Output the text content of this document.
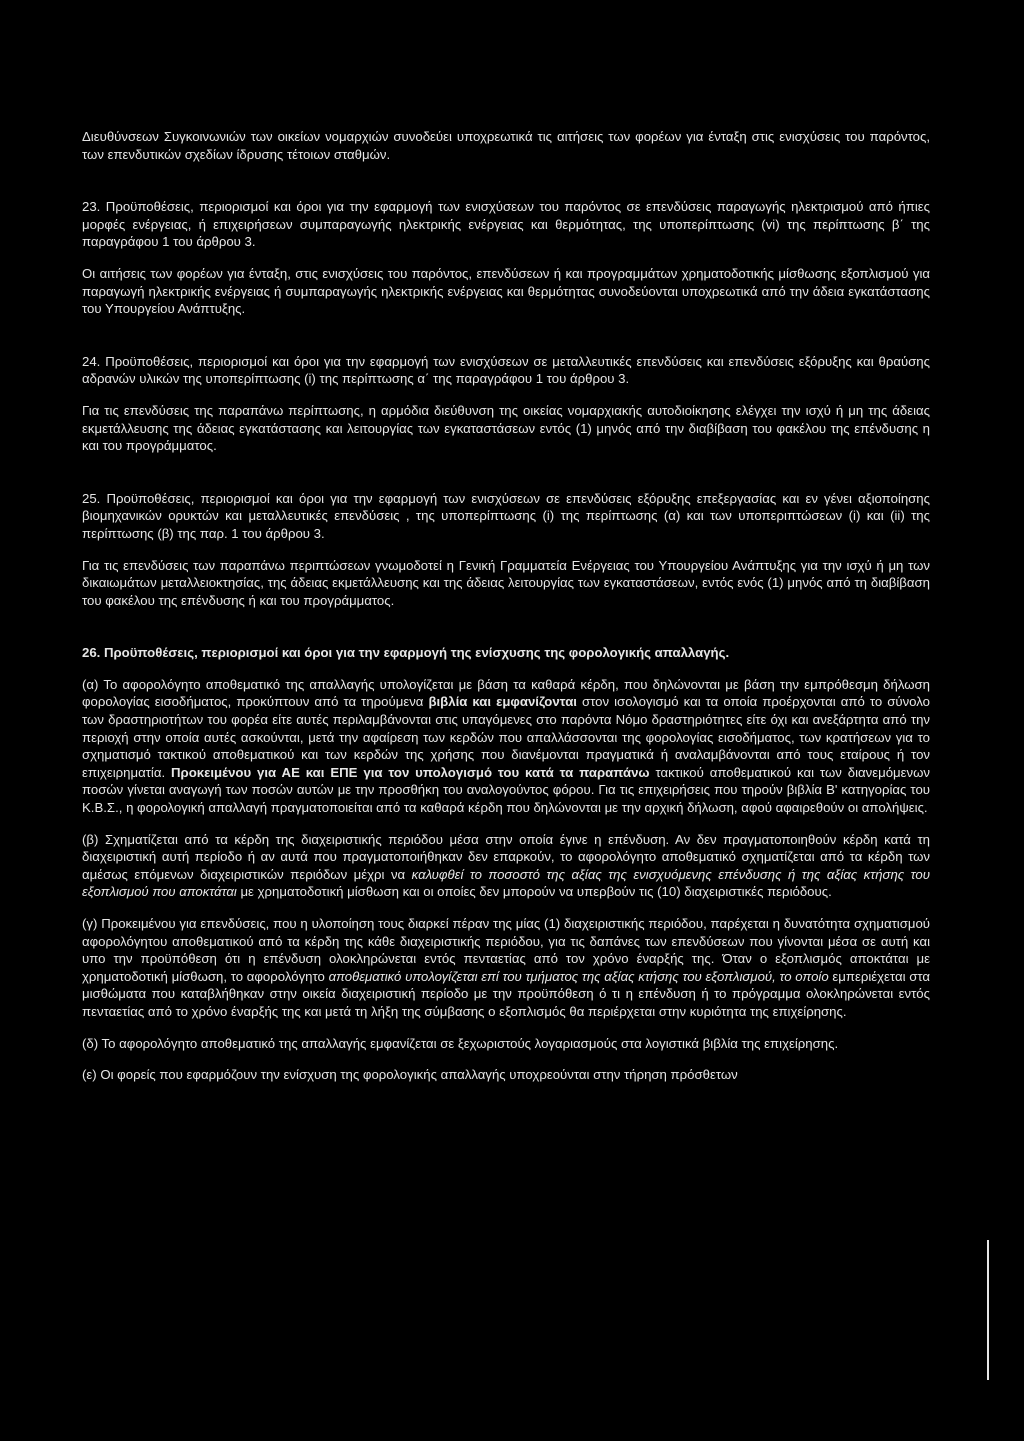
Διευθύνσεων Συγκοινωνιών των οικείων νομαρχιών συνοδεύει υποχρεωτικά τις αιτήσεις των φορέων για ένταξη στις ενισχύσεις του παρόντος, των επενδυτικών σχεδίων ίδρυσης τέτοιων σταθμών.

23. Προϋποθέσεις, περιορισμοί και όροι για την εφαρμογή των ενισχύσεων του παρόντος σε επενδύσεις παραγωγής ηλεκτρισμού από ήπιες μορφές ενέργειας, ή επιχειρήσεων συμπαραγωγής ηλεκτρικής ενέργειας και θερμότητας, της υποπερίπτωσης (vi) της περίπτωσης β΄ της παραγράφου 1 του άρθρου 3.

Οι αιτήσεις των φορέων για ένταξη, στις ενισχύσεις του παρόντος, επενδύσεων ή και προγραμμάτων χρηματοδοτικής μίσθωσης εξοπλισμού για παραγωγή ηλεκτρικής ενέργειας ή συμπαραγωγής ηλεκτρικής ενέργειας και θερμότητας συνοδεύονται υποχρεωτικά από την άδεια εγκατάστασης του Υπουργείου Ανάπτυξης.

24. Προϋποθέσεις, περιορισμοί και όροι για την εφαρμογή των ενισχύσεων σε μεταλλευτικές επενδύσεις και επενδύσεις εξόρυξης και θραύσης αδρανών υλικών της υποπερίπτωσης (i) της περίπτωσης α΄ της παραγράφου 1 του άρθρου 3.

Για τις επενδύσεις της παραπάνω περίπτωσης, η αρμόδια διεύθυνση της οικείας νομαρχιακής αυτοδιοίκησης ελέγχει την ισχύ ή μη της άδειας εκμετάλλευσης της άδειας εγκατάστασης και λειτουργίας των εγκαταστάσεων εντός (1) μηνός από την διαβίβαση του φακέλου της επένδυσης η και του προγράμματος.

25. Προϋποθέσεις, περιορισμοί και όροι για την εφαρμογή των ενισχύσεων σε επενδύσεις εξόρυξης επεξεργασίας και εν γένει αξιοποίησης βιομηχανικών ορυκτών και μεταλλευτικές επενδύσεις , της υποπερίπτωσης (i) της περίπτωσης (α) και των υποπεριπτώσεων (i) και (ii) της περίπτωσης (β) της παρ. 1 του άρθρου 3.

Για τις επενδύσεις των παραπάνω περιπτώσεων γνωμοδοτεί η Γενική Γραμματεία Ενέργειας του Υπουργείου Ανάπτυξης για την ισχύ ή μη των δικαιωμάτων μεταλλειοκτησίας, της άδειας εκμετάλλευσης και της άδειας λειτουργίας των εγκαταστάσεων, εντός ενός (1) μηνός από τη διαβίβαση του φακέλου της επένδυσης ή και του προγράμματος.

26. Προϋποθέσεις, περιορισμοί και όροι για την εφαρμογή της ενίσχυσης της φορολογικής απαλλαγής.

(α) Το αφορολόγητο αποθεματικό της απαλλαγής υπολογίζεται με βάση τα καθαρά κέρδη, που δηλώνονται με βάση την εμπρόθεσμη δήλωση φορολογίας εισοδήματος, προκύπτουν από τα τηρούμενα βιβλία και εμφανίζονται στον ισολογισμό και τα οποία προέρχονται από το σύνολο των δραστηριοτήτων του φορέα είτε αυτές περιλαμβάνονται στις υπαγόμενες στο παρόντα Νόμο δραστηριότητες είτε όχι και ανεξάρτητα από την περιοχή στην οποία αυτές ασκούνται, μετά την αφαίρεση των κερδών που απαλλάσσονται της φορολογίας εισοδήματος, των κρατήσεων για το σχηματισμό τακτικού αποθεματικού και των κερδών της χρήσης που διανέμονται πραγματικά ή αναλαμβάνονται από τους εταίρους ή τον επιχειρηματία. Προκειμένου για ΑΕ και ΕΠΕ για τον υπολογισμό του κατά τα παραπάνω τακτικού αποθεματικού και των διανεμόμενων ποσών γίνεται αναγωγή των ποσών αυτών με την προσθήκη του αναλογούντος φόρου. Για τις επιχειρήσεις που τηρούν βιβλία Β' κατηγορίας του Κ.Β.Σ., η φορολογική απαλλαγή πραγματοποιείται από τα καθαρά κέρδη που δηλώνονται με την αρχική δήλωση, αφού αφαιρεθούν οι απολήψεις.

(β) Σχηματίζεται από τα κέρδη της διαχειριστικής περιόδου μέσα στην οποία έγινε η επένδυση. Αν δεν πραγματοποιηθούν κέρδη κατά τη διαχειριστική αυτή περίοδο ή αν αυτά που πραγματοποιήθηκαν δεν επαρκούν, το αφορολόγητο αποθεματικό σχηματίζεται από τα κέρδη των αμέσως επόμενων διαχειριστικών περιόδων μέχρι να καλυφθεί το ποσοστό της αξίας της ενισχυόμενης επένδυσης ή της αξίας κτήσης του εξοπλισμού που αποκτάται με χρηματοδοτική μίσθωση και οι οποίες δεν μπορούν να υπερβούν τις (10) διαχειριστικές περιόδους.

(γ) Προκειμένου για επενδύσεις, που η υλοποίηση τους διαρκεί πέραν της μίας (1) διαχειριστικής περιόδου, παρέχεται η δυνατότητα σχηματισμού αφορολόγητου αποθεματικού από τα κέρδη της κάθε διαχειριστικής περιόδου, για τις δαπάνες των επενδύσεων που γίνονται μέσα σε αυτή και υπο την προϋπόθεση ότι η επένδυση ολοκληρώνεται εντός πενταετίας από τον χρόνο έναρξής της. Όταν ο εξοπλισμός αποκτάται με χρηματοδοτική μίσθωση, το αφορολόγητο αποθεματικό υπολογίζεται επί του τμήματος της αξίας κτήσης του εξοπλισμού, το οποίο εμπεριέχεται στα μισθώματα που καταβλήθηκαν στην οικεία διαχειριστική περίοδο με την προϋπόθεση ό τι η επένδυση ή το πρόγραμμα ολοκληρώνεται εντός πενταετίας από το χρόνο έναρξής της και μετά τη λήξη της σύμβασης ο εξοπλισμός θα περιέρχεται στην κυριότητα της επιχείρησης.

(δ) Το αφορολόγητο αποθεματικό της απαλλαγής εμφανίζεται σε ξεχωριστούς λογαριασμούς στα λογιστικά βιβλία της επιχείρησης.

(ε) Οι φορείς που εφαρμόζουν την ενίσχυση της φορολογικής απαλλαγής υποχρεούνται στην τήρηση πρόσθετων
